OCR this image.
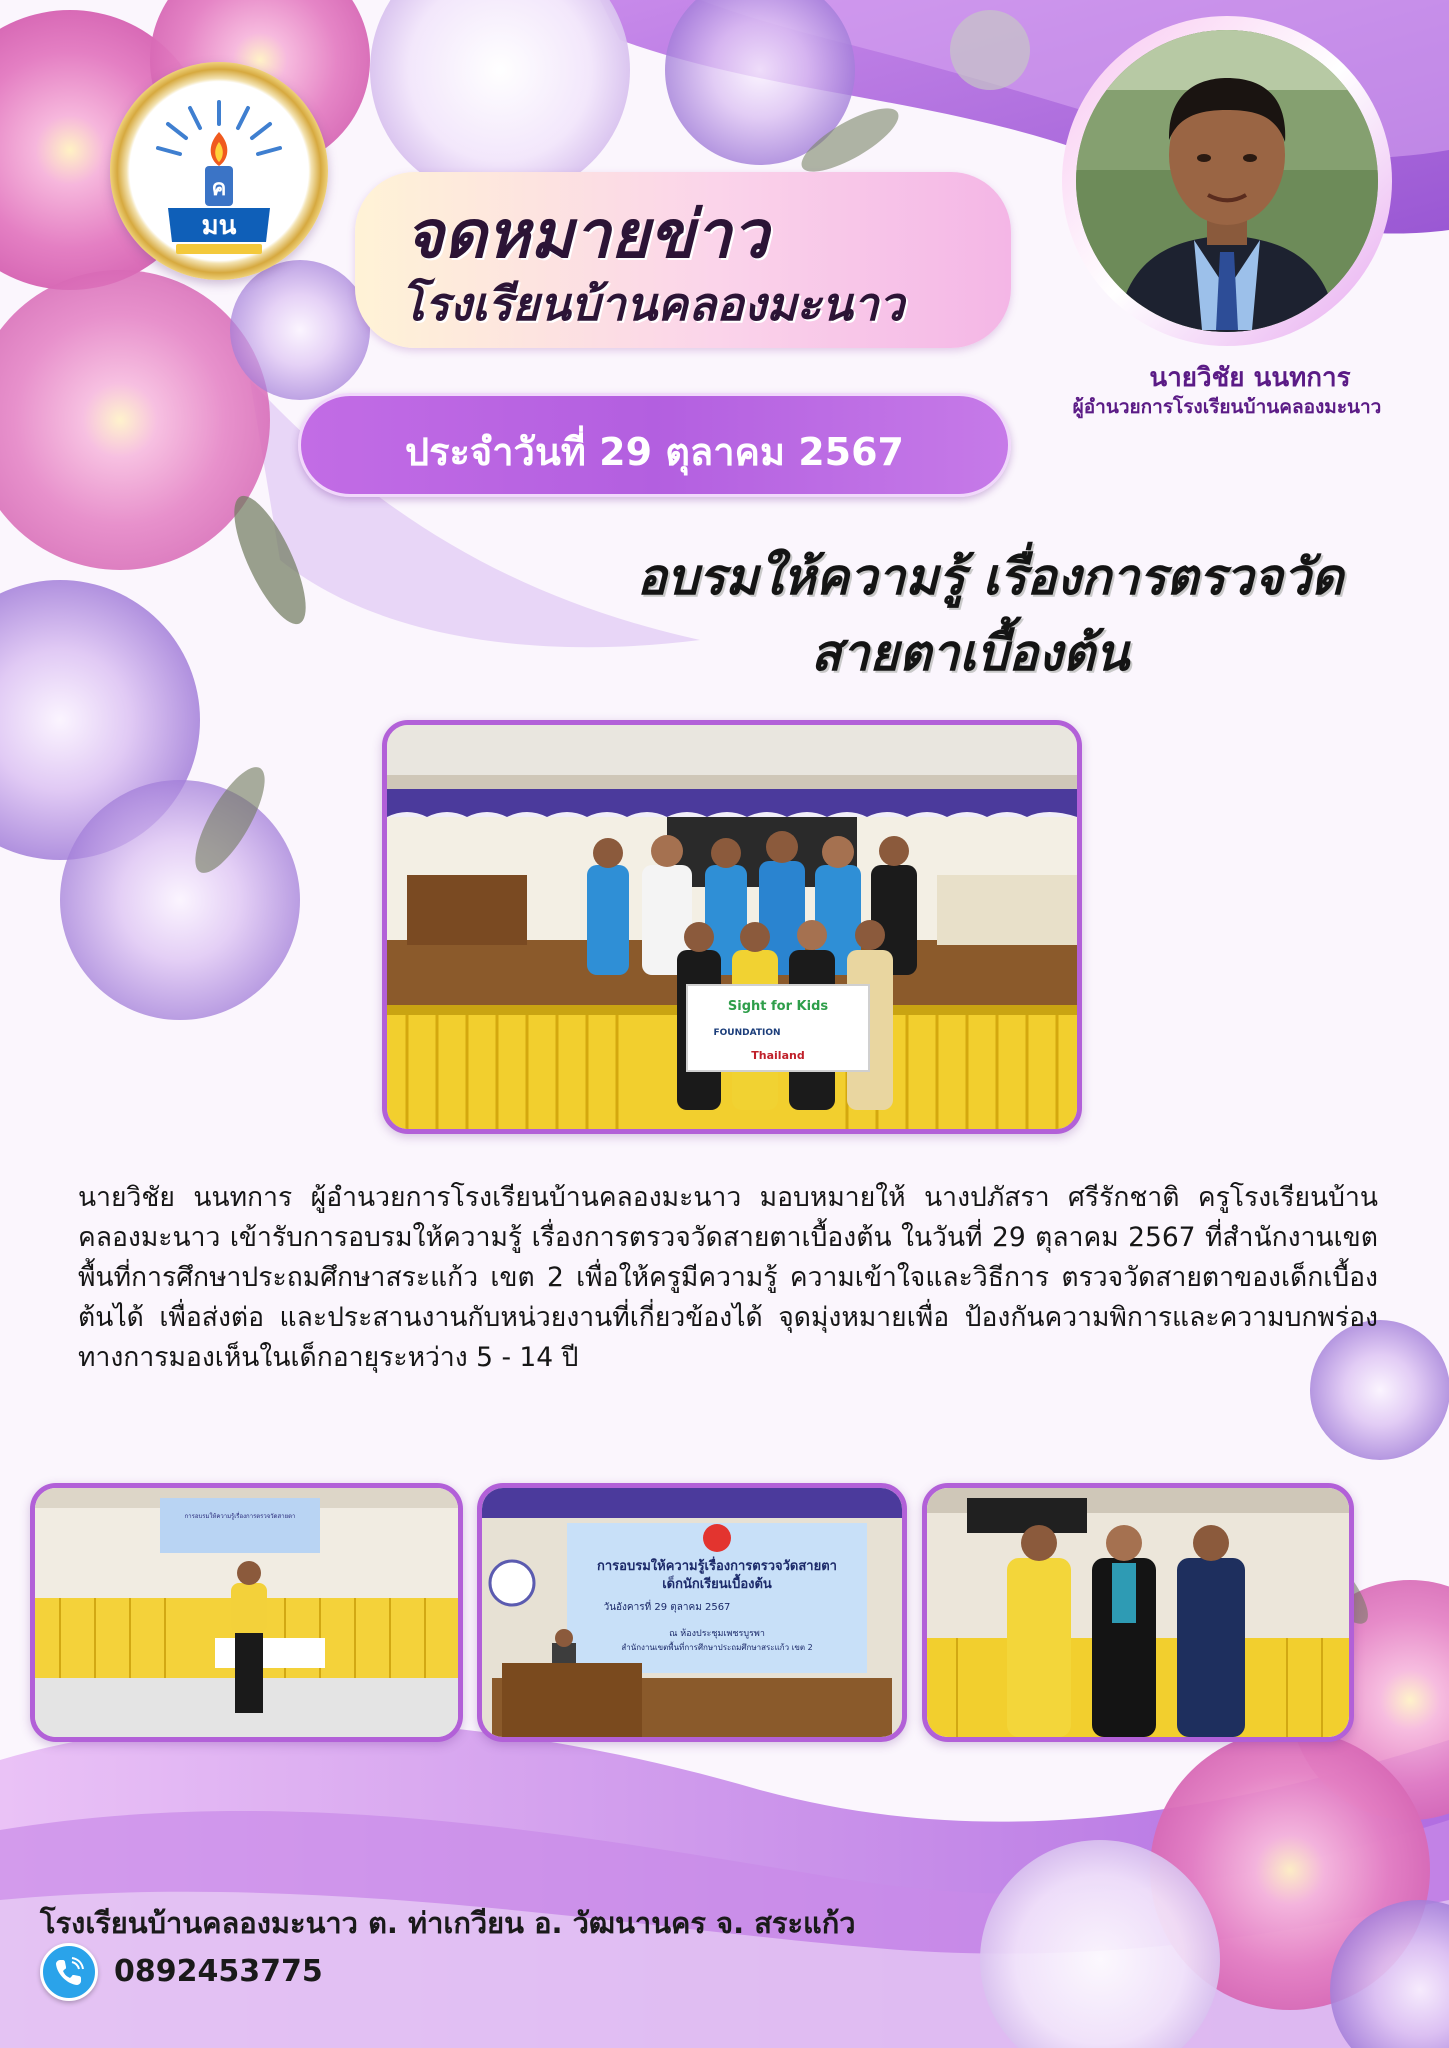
ค
มน	จดหมายข่าว
โรงเรียนบ้านคลองมะนาว
ประจำวันที่ 29 ตุลาคม 2567
นายวิชัย นนทการ
ผู้อำนวยการโรงเรียนบ้านคลองมะนาว
อบรมให้ความรู้ เรื่องการตรวจวัด
สายตาเบื้องต้น
Sight for Kids
FOUNDATION
Thailand
นายวิชัย นนทการ ผู้อำนวยการโรงเรียนบ้านคลองมะนาว มอบหมายให้ นางปภัสรา ศรีรักชาติ ครูโรงเรียนบ้านคลองมะนาว เข้ารับการอบรมให้ความรู้ เรื่องการตรวจวัดสายตาเบื้องต้น ในวันที่ 29 ตุลาคม 2567 ที่สำนักงานเขตพื้นที่การศึกษาประถมศึกษาสระแก้ว เขต 2 เพื่อให้ครูมีความรู้ ความเข้าใจและวิธีการ ตรวจวัดสายตาของเด็กเบื้องต้นได้ เพื่อส่งต่อ และประสานงานกับหน่วยงานที่เกี่ยวข้องได้ จุดมุ่งหมายเพื่อ ป้องกันความพิการและความบกพร่องทางการมองเห็นในเด็กอายุระหว่าง 5 - 14 ปี
การอบรมให้ความรู้เรื่องการตรวจวัดสายตา
การอบรมให้ความรู้เรื่องการตรวจวัดสายตา
เด็กนักเรียนเบื้องต้น
วันอังคารที่ 29 ตุลาคม 2567
ณ ห้องประชุมเพชรบูรพา
สำนักงานเขตพื้นที่การศึกษาประถมศึกษาสระแก้ว เขต 2
โรงเรียนบ้านคลองมะนาว ต. ท่าเกวียน อ. วัฒนานคร จ. สระแก้ว
0892453775
